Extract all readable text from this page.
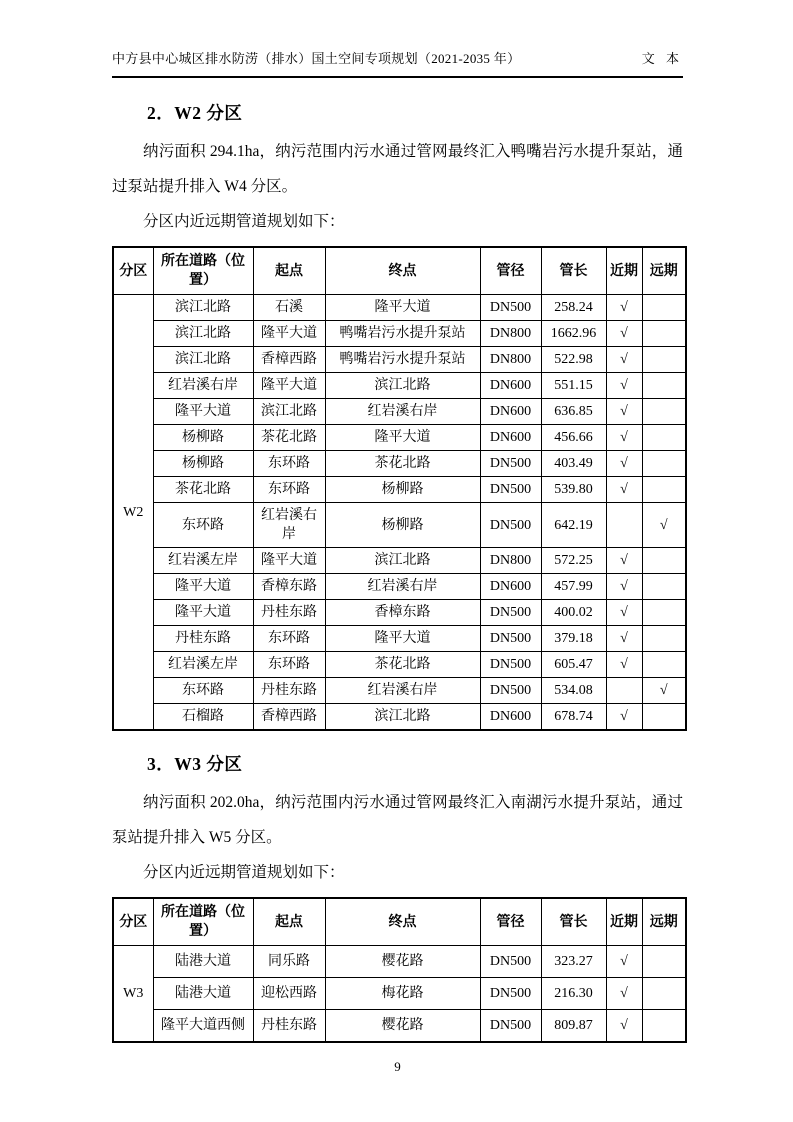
中方县中心城区排水防涝（排水）国土空间专项规划（2021-2035 年）	文 本
2．W2 分区
纳污面积 294.1ha，纳污范围内污水通过管网最终汇入鸭嘴岩污水提升泵站，通过泵站提升排入 W4 分区。
分区内近远期管道规划如下：
分区	所在道路（位置）	起点	终点	管径	管长	近期	远期
W2	滨江北路	石溪	隆平大道	DN500	258.24	√	
	滨江北路	隆平大道	鸭嘴岩污水提升泵站	DN800	1662.96	√	
	滨江北路	香樟西路	鸭嘴岩污水提升泵站	DN800	522.98	√	
	红岩溪右岸	隆平大道	滨江北路	DN600	551.15	√	
	隆平大道	滨江北路	红岩溪右岸	DN600	636.85	√	
	杨柳路	茶花北路	隆平大道	DN600	456.66	√	
	杨柳路	东环路	茶花北路	DN500	403.49	√	
	茶花北路	东环路	杨柳路	DN500	539.80	√	
	东环路	红岩溪右岸	杨柳路	DN500	642.19		√
	红岩溪左岸	隆平大道	滨江北路	DN800	572.25	√	
	隆平大道	香樟东路	红岩溪右岸	DN600	457.99	√	
	隆平大道	丹桂东路	香樟东路	DN500	400.02	√	
	丹桂东路	东环路	隆平大道	DN500	379.18	√	
	红岩溪左岸	东环路	茶花北路	DN500	605.47	√	
	东环路	丹桂东路	红岩溪右岸	DN500	534.08		√
	石榴路	香樟西路	滨江北路	DN600	678.74	√	
3．W3 分区
纳污面积 202.0ha，纳污范围内污水通过管网最终汇入南湖污水提升泵站，通过泵站提升排入 W5 分区。
分区内近远期管道规划如下：
分区	所在道路（位置）	起点	终点	管径	管长	近期	远期
W3	陆港大道	同乐路	樱花路	DN500	323.27	√	
	陆港大道	迎松西路	梅花路	DN500	216.30	√	
	隆平大道西侧	丹桂东路	樱花路	DN500	809.87	√	
9
